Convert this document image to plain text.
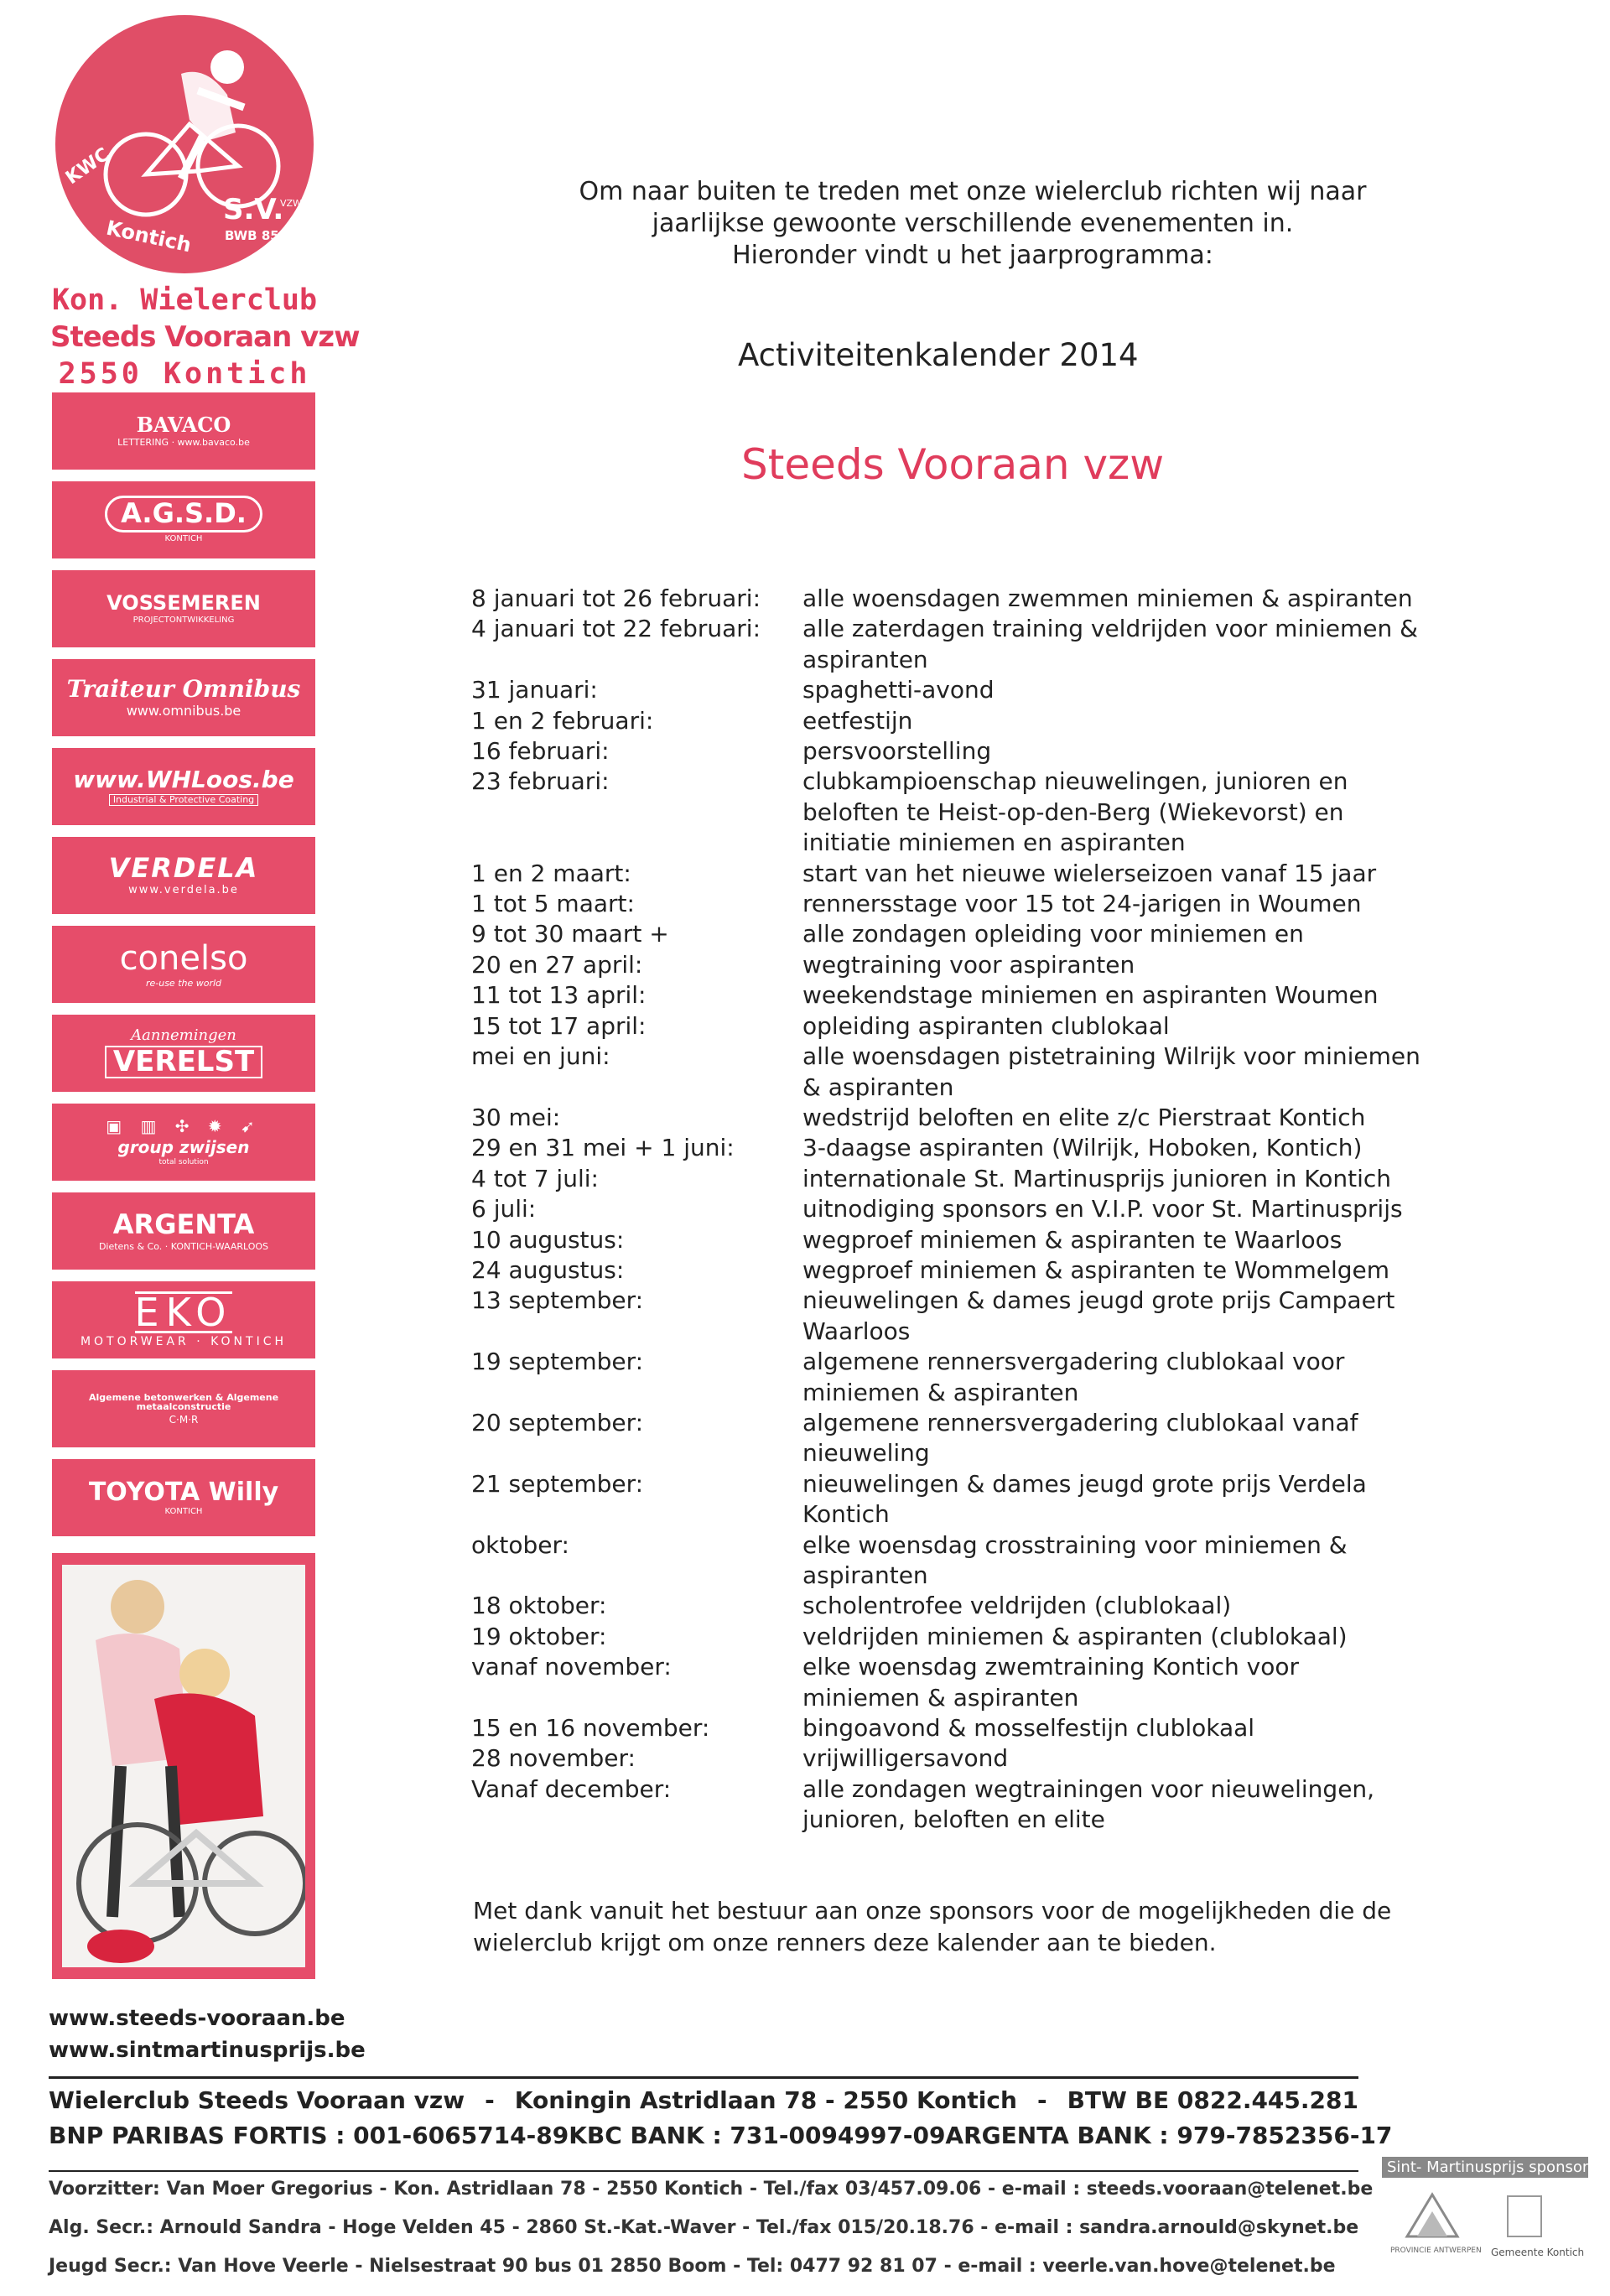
KWC
S.V.
VZW
BWB 85
Kontich
Kon. Wielerclub
Steeds Vooraan vzw
2550 Kontich
BAVACO
LETTERING · www.bavaco.be
A.G.S.D.
KONTICH
VOSSEMEREN
PROJECTONTWIKKELING
Traiteur Omnibus
www.omnibus.be
www.WHLoos.be
Industrial & Protective Coating
VERDELA
www.verdela.be
conelso
re-use the world
Aannemingen
VERELST
▣ ▥ ✣ ✹ ➹
group zwijsen
total solution
ARGENTA
Dietens & Co. · KONTICH-WAARLOOS
EKO
MOTORWEAR · KONTICH
Algemene betonwerken & Algemene metaalconstructie
C·M·R
TOYOTA Willy
KONTICH
www.steeds-vooraan.be
www.sintmartinusprijs.be
Om naar buiten te treden met onze wielerclub richten wij naar
jaarlijkse gewoonte verschillende evenementen in.
Hieronder vindt u het jaarprogramma:
Activiteitenkalender 2014
Steeds Vooraan vzw
8 januari tot 26 februari:	alle woensdagen zwemmen miniemen & aspiranten
4 januari tot 22 februari:	alle zaterdagen training veldrijden voor miniemen &
aspiranten
31 januari:	spaghetti-avond
1 en 2 februari:	eetfestijn
16 februari:	persvoorstelling
23 februari:	clubkampioenschap nieuwelingen, junioren en
beloften te Heist-op-den-Berg (Wiekevorst) en
initiatie miniemen en aspiranten
1 en 2 maart:	start van het nieuwe wielerseizoen vanaf 15 jaar
1 tot 5 maart:	rennersstage voor 15 tot 24-jarigen in Woumen
9 tot 30 maart +	alle zondagen opleiding voor miniemen en
20 en 27 april:	wegtraining voor aspiranten
11 tot 13 april:	weekendstage miniemen en aspiranten Woumen
15 tot 17 april:	opleiding aspiranten clublokaal
mei en juni:	alle woensdagen pistetraining Wilrijk voor miniemen
& aspiranten
30 mei:	wedstrijd beloften en elite z/c Pierstraat Kontich
29 en 31 mei + 1 juni:	3-daagse aspiranten (Wilrijk, Hoboken, Kontich)
4 tot 7 juli:	internationale St. Martinusprijs junioren in Kontich
6 juli:	uitnodiging sponsors en V.I.P. voor St. Martinusprijs
10 augustus:	wegproef miniemen & aspiranten te Waarloos
24 augustus:	wegproef miniemen & aspiranten te Wommelgem
13 september:	nieuwelingen & dames jeugd grote prijs Campaert
Waarloos
19 september:	algemene rennersvergadering clublokaal voor
miniemen & aspiranten
20 september:	algemene rennersvergadering clublokaal vanaf
nieuweling
21 september:	nieuwelingen & dames jeugd grote prijs Verdela
Kontich
oktober:	elke woensdag crosstraining voor miniemen &
aspiranten
18 oktober:	scholentrofee veldrijden (clublokaal)
19 oktober:	veldrijden miniemen & aspiranten (clublokaal)
vanaf november:	elke woensdag zwemtraining Kontich voor
miniemen & aspiranten
15 en 16 november:	bingoavond & mosselfestijn clublokaal
28 november:	vrijwilligersavond
Vanaf december:	alle zondagen wegtrainingen voor nieuwelingen,
junioren, beloften en elite
Met dank vanuit het bestuur aan onze sponsors voor de mogelijkheden die de
wielerclub krijgt om onze renners deze kalender aan te bieden.
Wielerclub Steeds Vooraan vzw - Koningin Astridlaan 78 - 2550 Kontich - BTW BE 0822.445.281
BNP PARIBAS FORTIS : 001-6065714-89 KBC BANK : 731-0094997-09 ARGENTA BANK : 979-7852356-17
Voorzitter: Van Moer Gregorius - Kon. Astridlaan 78 - 2550 Kontich - Tel./fax 03/457.09.06 - e-mail : steeds.vooraan@telenet.be
Alg. Secr.: Arnould Sandra - Hoge Velden 45 - 2860 St.-Kat.-Waver - Tel./fax 015/20.18.76 - e-mail : sandra.arnould@skynet.be
Jeugd Secr.: Van Hove Veerle - Nielsestraat 90 bus 01 2850 Boom - Tel: 0477 92 81 07 - e-mail : veerle.van.hove@telenet.be
Sint- Martinusprijs sponsors:
PROVINCIE ANTWERPEN Gemeente Kontich
